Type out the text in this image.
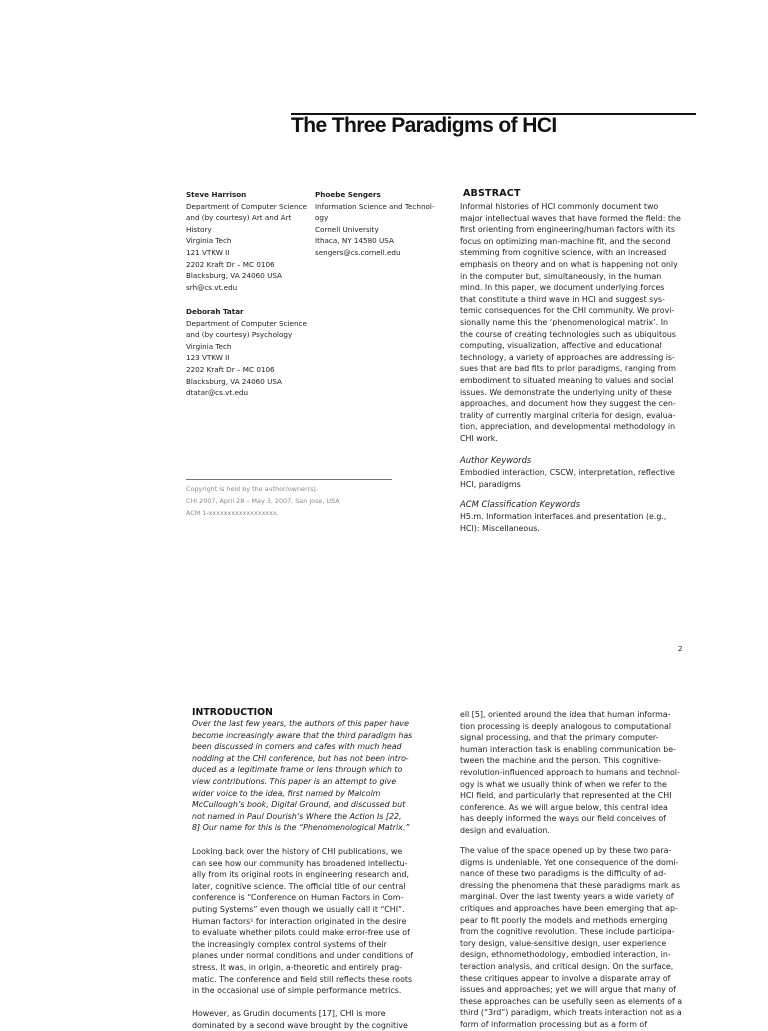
The Three Paradigms of HCI
Steve Harrison
Department of Computer Science
and (by courtesy) Art and Art
History
Virginia Tech
121 VTKW II
2202 Kraft Dr – MC 0106
Blacksburg, VA 24060 USA
srh@cs.vt.edu
Phoebe Sengers
Information Science and Technol-
ogy
Cornell University
Ithaca, NY 14580 USA
sengers@cs.cornell.edu
Deborah Tatar
Department of Computer Science
and (by courtesy) Psychology
Virginia Tech
123 VTKW II
2202 Kraft Dr – MC 0106
Blacksburg, VA 24060 USA
dtatar@cs.vt.edu
Copyright is held by the author/owner(s).
CHI 2007, April 28 – May 3, 2007, San Jose, USA
ACM 1-xxxxxxxxxxxxxxxxxx.
ABSTRACT
Informal histories of HCI commonly document two
major intellectual waves that have formed the field: the
first orienting from engineering/human factors with its
focus on optimizing man-machine fit, and the second
stemming from cognitive science, with an increased
emphasis on theory and on what is happening not only
in the computer but, simultaneously, in the human
mind. In this paper, we document underlying forces
that constitute a third wave in HCI and suggest sys-
temic consequences for the CHI community. We provi-
sionally name this the ‘phenomenological matrix’. In
the course of creating technologies such as ubiquitous
computing, visualization, affective and educational
technology, a variety of approaches are addressing is-
sues that are bad fits to prior paradigms, ranging from
embodiment to situated meaning to values and social
issues. We demonstrate the underlying unity of these
approaches, and document how they suggest the cen-
trality of currently marginal criteria for design, evalua-
tion, appreciation, and developmental methodology in
CHI work.
Author Keywords
Embodied interaction, CSCW, interpretation, reflective
HCI, paradigms
ACM Classification Keywords
H5.m. Information interfaces and presentation (e.g.,
HCI): Miscellaneous.
2
INTRODUCTION
Over the last few years, the authors of this paper have
become increasingly aware that the third paradigm has
been discussed in corners and cafes with much head
nodding at the CHI conference, but has not been intro-
duced as a legitimate frame or lens through which to
view contributions. This paper is an attempt to give
wider voice to the idea, first named by Malcolm
McCullough’s book, Digital Ground, and discussed but
not named in Paul Dourish’s Where the Action Is [22,
8] Our name for this is the “Phenomenological Matrix.”
Looking back over the history of CHI publications, we
can see how our community has broadened intellectu-
ally from its original roots in engineering research and,
later, cognitive science. The official title of our central
conference is “Conference on Human Factors in Com-
puting Systems” even though we usually call it “CHI”.
Human factors¹ for interaction originated in the desire
to evaluate whether pilots could make error-free use of
the increasingly complex control systems of their
planes under normal conditions and under conditions of
stress. It was, in origin, a-theoretic and entirely prag-
matic. The conference and field still reflects these roots
in the occasional use of simple performance metrics.
However, as Grudin documents [17], CHI is more
dominated by a second wave brought by the cognitive
ell [5], oriented around the idea that human informa-
tion processing is deeply analogous to computational
signal processing, and that the primary computer-
human interaction task is enabling communication be-
tween the machine and the person. This cognitive-
revolution-influenced approach to humans and technol-
ogy is what we usually think of when we refer to the
HCI field, and particularly that represented at the CHI
conference. As we will argue below, this central idea
has deeply informed the ways our field conceives of
design and evaluation.
The value of the space opened up by these two para-
digms is undeniable. Yet one consequence of the domi-
nance of these two paradigms is the difficulty of ad-
dressing the phenomena that these paradigms mark as
marginal. Over the last twenty years a wide variety of
critiques and approaches have been emerging that ap-
pear to fit poorly the models and methods emerging
from the cognitive revolution. These include participa-
tory design, value-sensitive design, user experience
design, ethnomethodology, embodied interaction, in-
teraction analysis, and critical design. On the surface,
these critiques appear to involve a disparate array of
issues and approaches; yet we will argue that many of
these approaches can be usefully seen as elements of a
third (“3rd”) paradigm, which treats interaction not as a
form of information processing but as a form of
